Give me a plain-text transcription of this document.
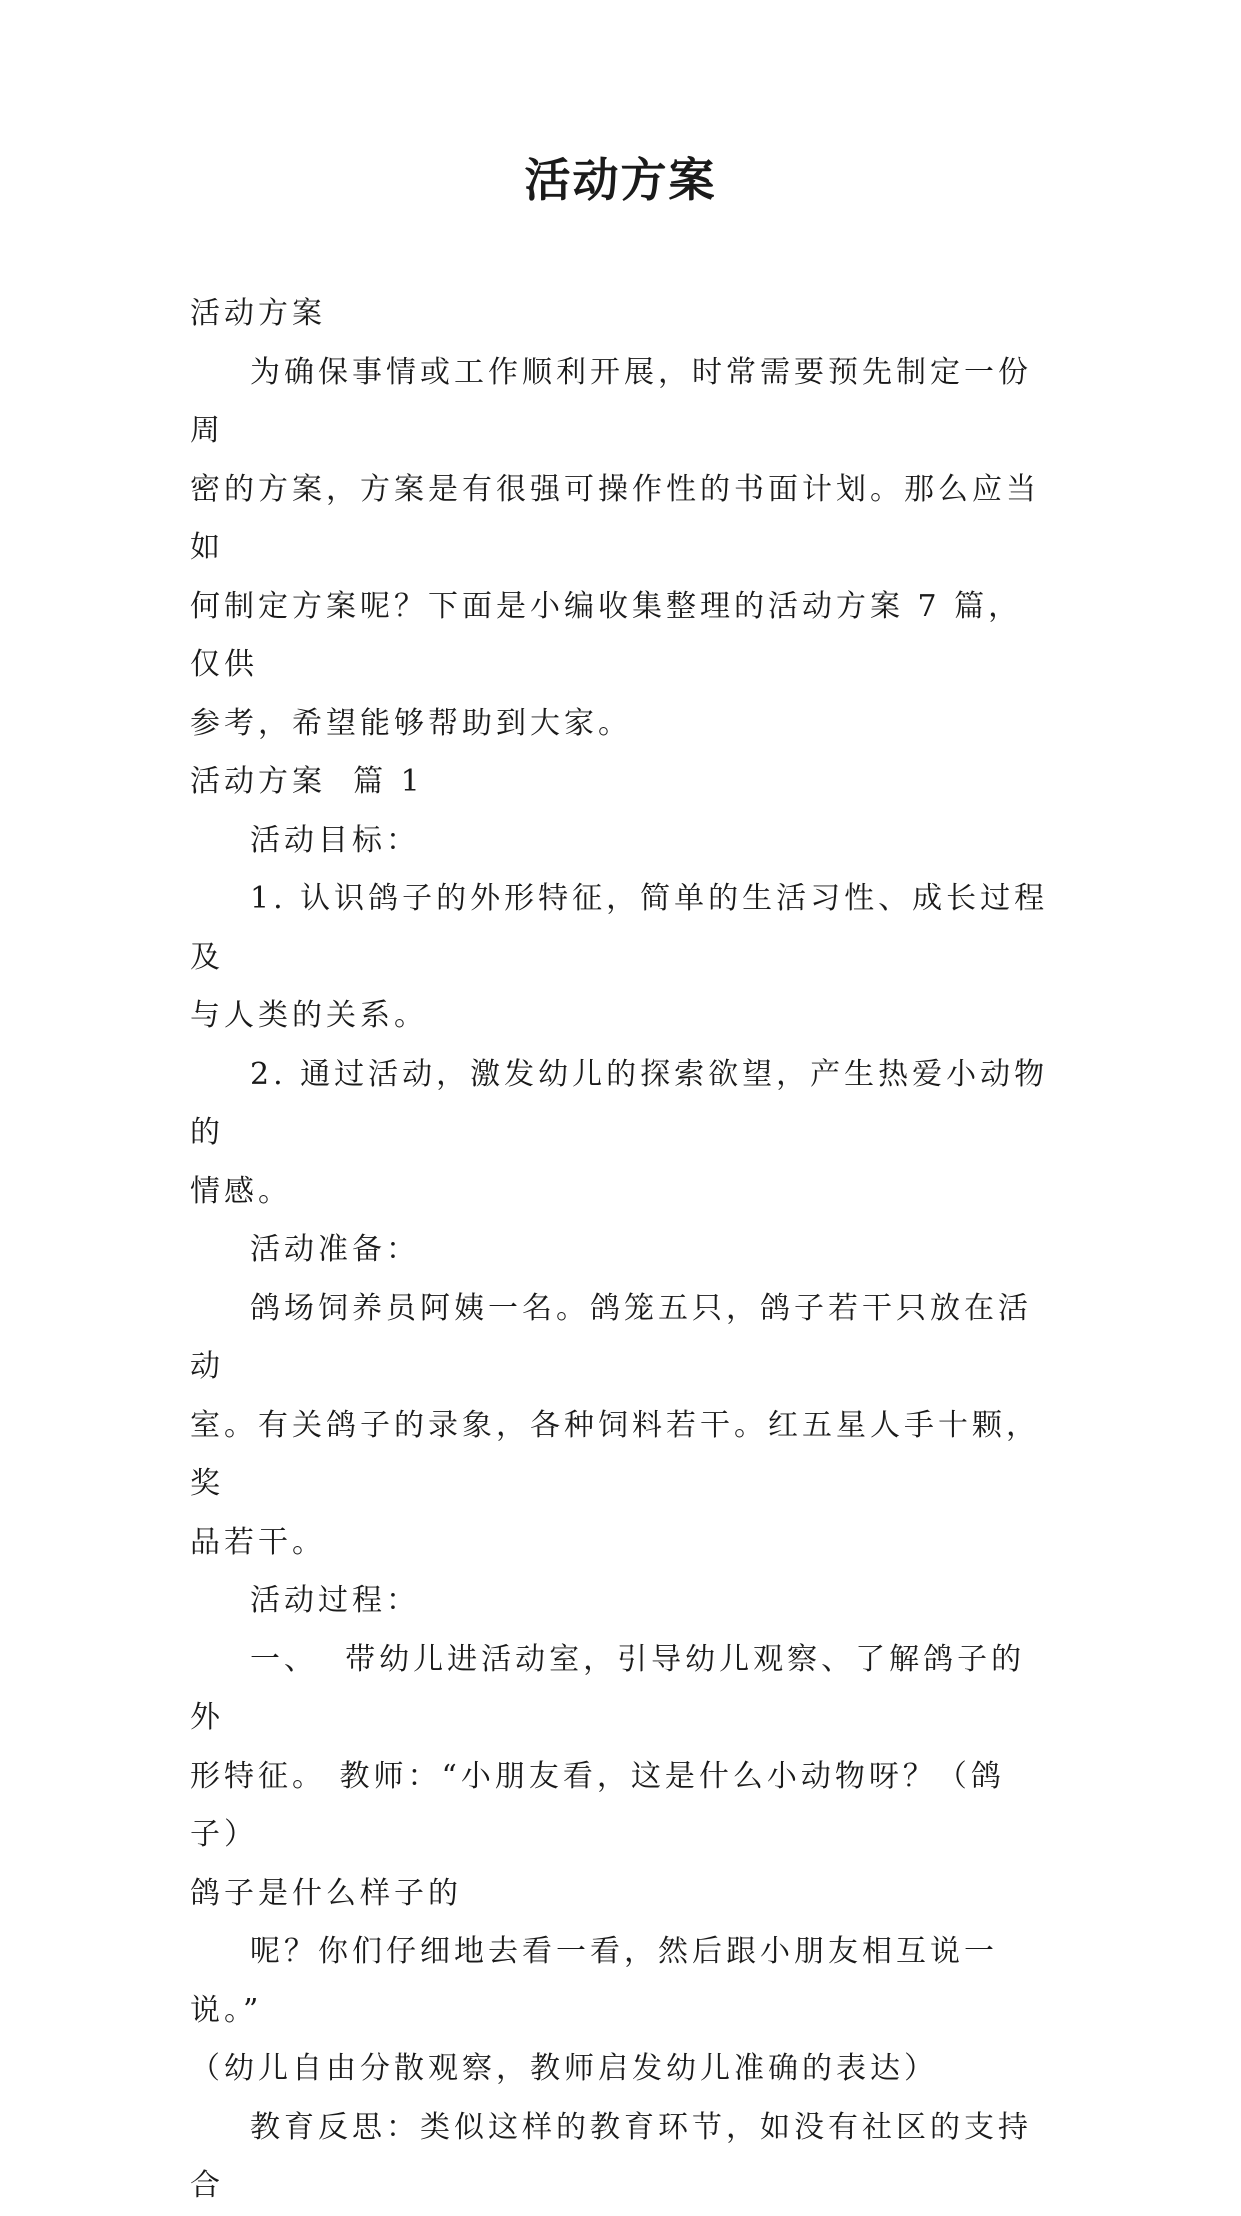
活动方案

活动方案

为确保事情或工作顺利开展，时常需要预先制定一份周

密的方案，方案是有很强可操作性的书面计划。那么应当如

何制定方案呢？下面是小编收集整理的活动方案 7 篇，仅供

参考，希望能够帮助到大家。

活动方案  篇 1

活动目标：

1. 认识鸽子的外形特征，简单的生活习性、成长过程及

与人类的关系。

2. 通过活动，激发幼儿的探索欲望，产生热爱小动物的

情感。

活动准备：

鸽场饲养员阿姨一名。鸽笼五只，鸽子若干只放在活动

室。有关鸽子的录象，各种饲料若干。红五星人手十颗，奖

品若干。

活动过程：

一、  带幼儿进活动室，引导幼儿观察、了解鸽子的外

形特征。 教师：“小朋友看，这是什么小动物呀？（鸽子）

鸽子是什么样子的

呢？你们仔细地去看一看，然后跟小朋友相互说一说。”

（幼儿自由分散观察，教师启发幼儿准确的表达）

教育反思：类似这样的教育环节，如没有社区的支持合
